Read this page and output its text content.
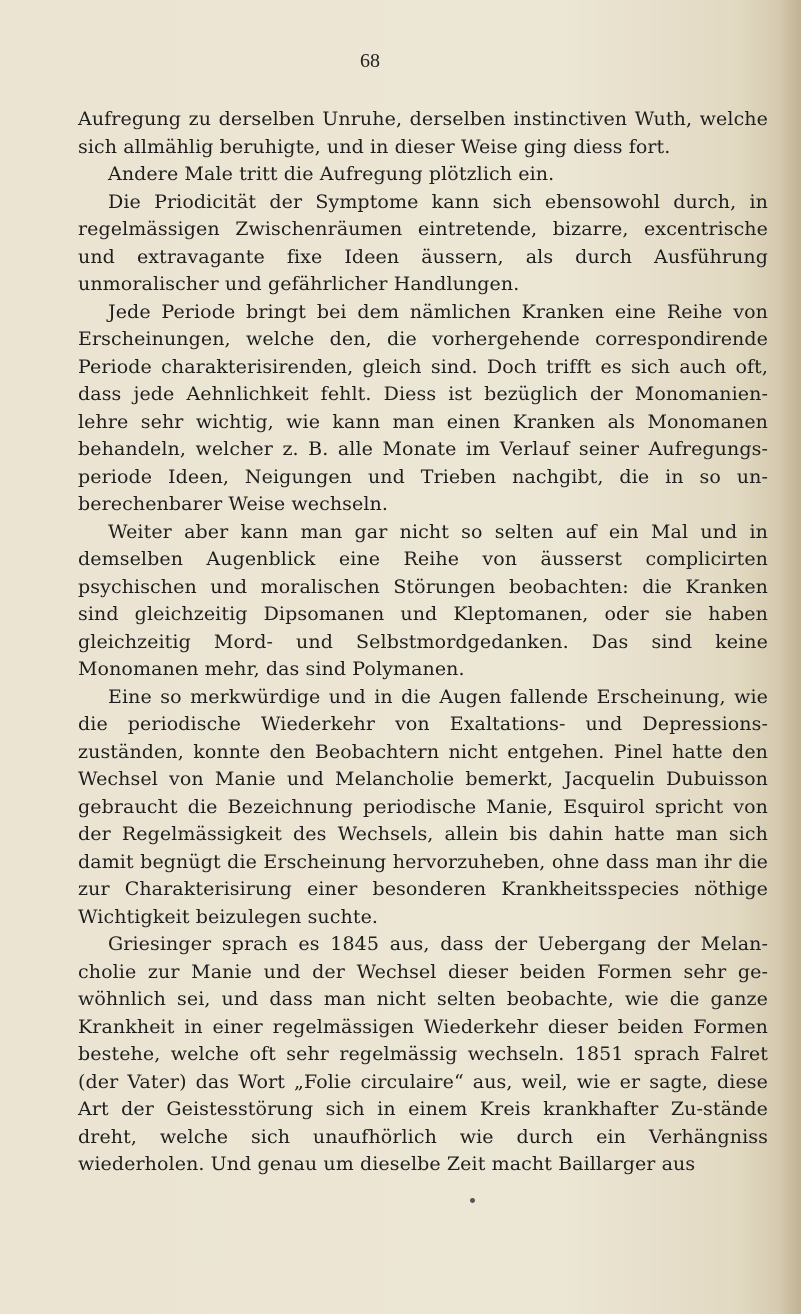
68

Aufregung zu derselben Unruhe, derselben instinctiven Wuth, welche sich allmählig beruhigte, und in dieser Weise ging diess fort.

Andere Male tritt die Aufregung plötzlich ein.

Die Priodicität der Symptome kann sich ebensowohl durch, in regelmässigen Zwischenräumen eintretende, bizarre, excentrische und extravagante fixe Ideen äussern, als durch Ausführung unmoralischer und gefährlicher Handlungen.

Jede Periode bringt bei dem nämlichen Kranken eine Reihe von Erscheinungen, welche den, die vorhergehende correspondirende Periode charakterisirenden, gleich sind. Doch trifft es sich auch oft, dass jede Aehnlichkeit fehlt. Diess ist bezüglich der Monomanien-lehre sehr wichtig, wie kann man einen Kranken als Monomanen behandeln, welcher z. B. alle Monate im Verlauf seiner Aufregungs-periode Ideen, Neigungen und Trieben nachgibt, die in so un-berechenbarer Weise wechseln.

Weiter aber kann man gar nicht so selten auf ein Mal und in demselben Augenblick eine Reihe von äusserst complicirten psychischen und moralischen Störungen beobachten: die Kranken sind gleichzeitig Dipsomanen und Kleptomanen, oder sie haben gleichzeitig Mord- und Selbstmordgedanken. Das sind keine Monomanen mehr, das sind Polymanen.

Eine so merkwürdige und in die Augen fallende Erscheinung, wie die periodische Wiederkehr von Exaltations- und Depressions-zuständen, konnte den Beobachtern nicht entgehen. Pinel hatte den Wechsel von Manie und Melancholie bemerkt, Jacquelin Dubuisson gebraucht die Bezeichnung periodische Manie, Esquirol spricht von der Regelmässigkeit des Wechsels, allein bis dahin hatte man sich damit begnügt die Erscheinung hervorzuheben, ohne dass man ihr die zur Charakterisirung einer besonderen Krankheitsspecies nöthige Wichtigkeit beizulegen suchte.

Griesinger sprach es 1845 aus, dass der Uebergang der Melan-cholie zur Manie und der Wechsel dieser beiden Formen sehr ge-wöhnlich sei, und dass man nicht selten beobachte, wie die ganze Krankheit in einer regelmässigen Wiederkehr dieser beiden Formen bestehe, welche oft sehr regelmässig wechseln. 1851 sprach Falret (der Vater) das Wort „Folie circulaire“ aus, weil, wie er sagte, diese Art der Geistesstörung sich in einem Kreis krankhafter Zu-stände dreht, welche sich unaufhörlich wie durch ein Verhängniss wiederholen. Und genau um dieselbe Zeit macht Baillarger aus
